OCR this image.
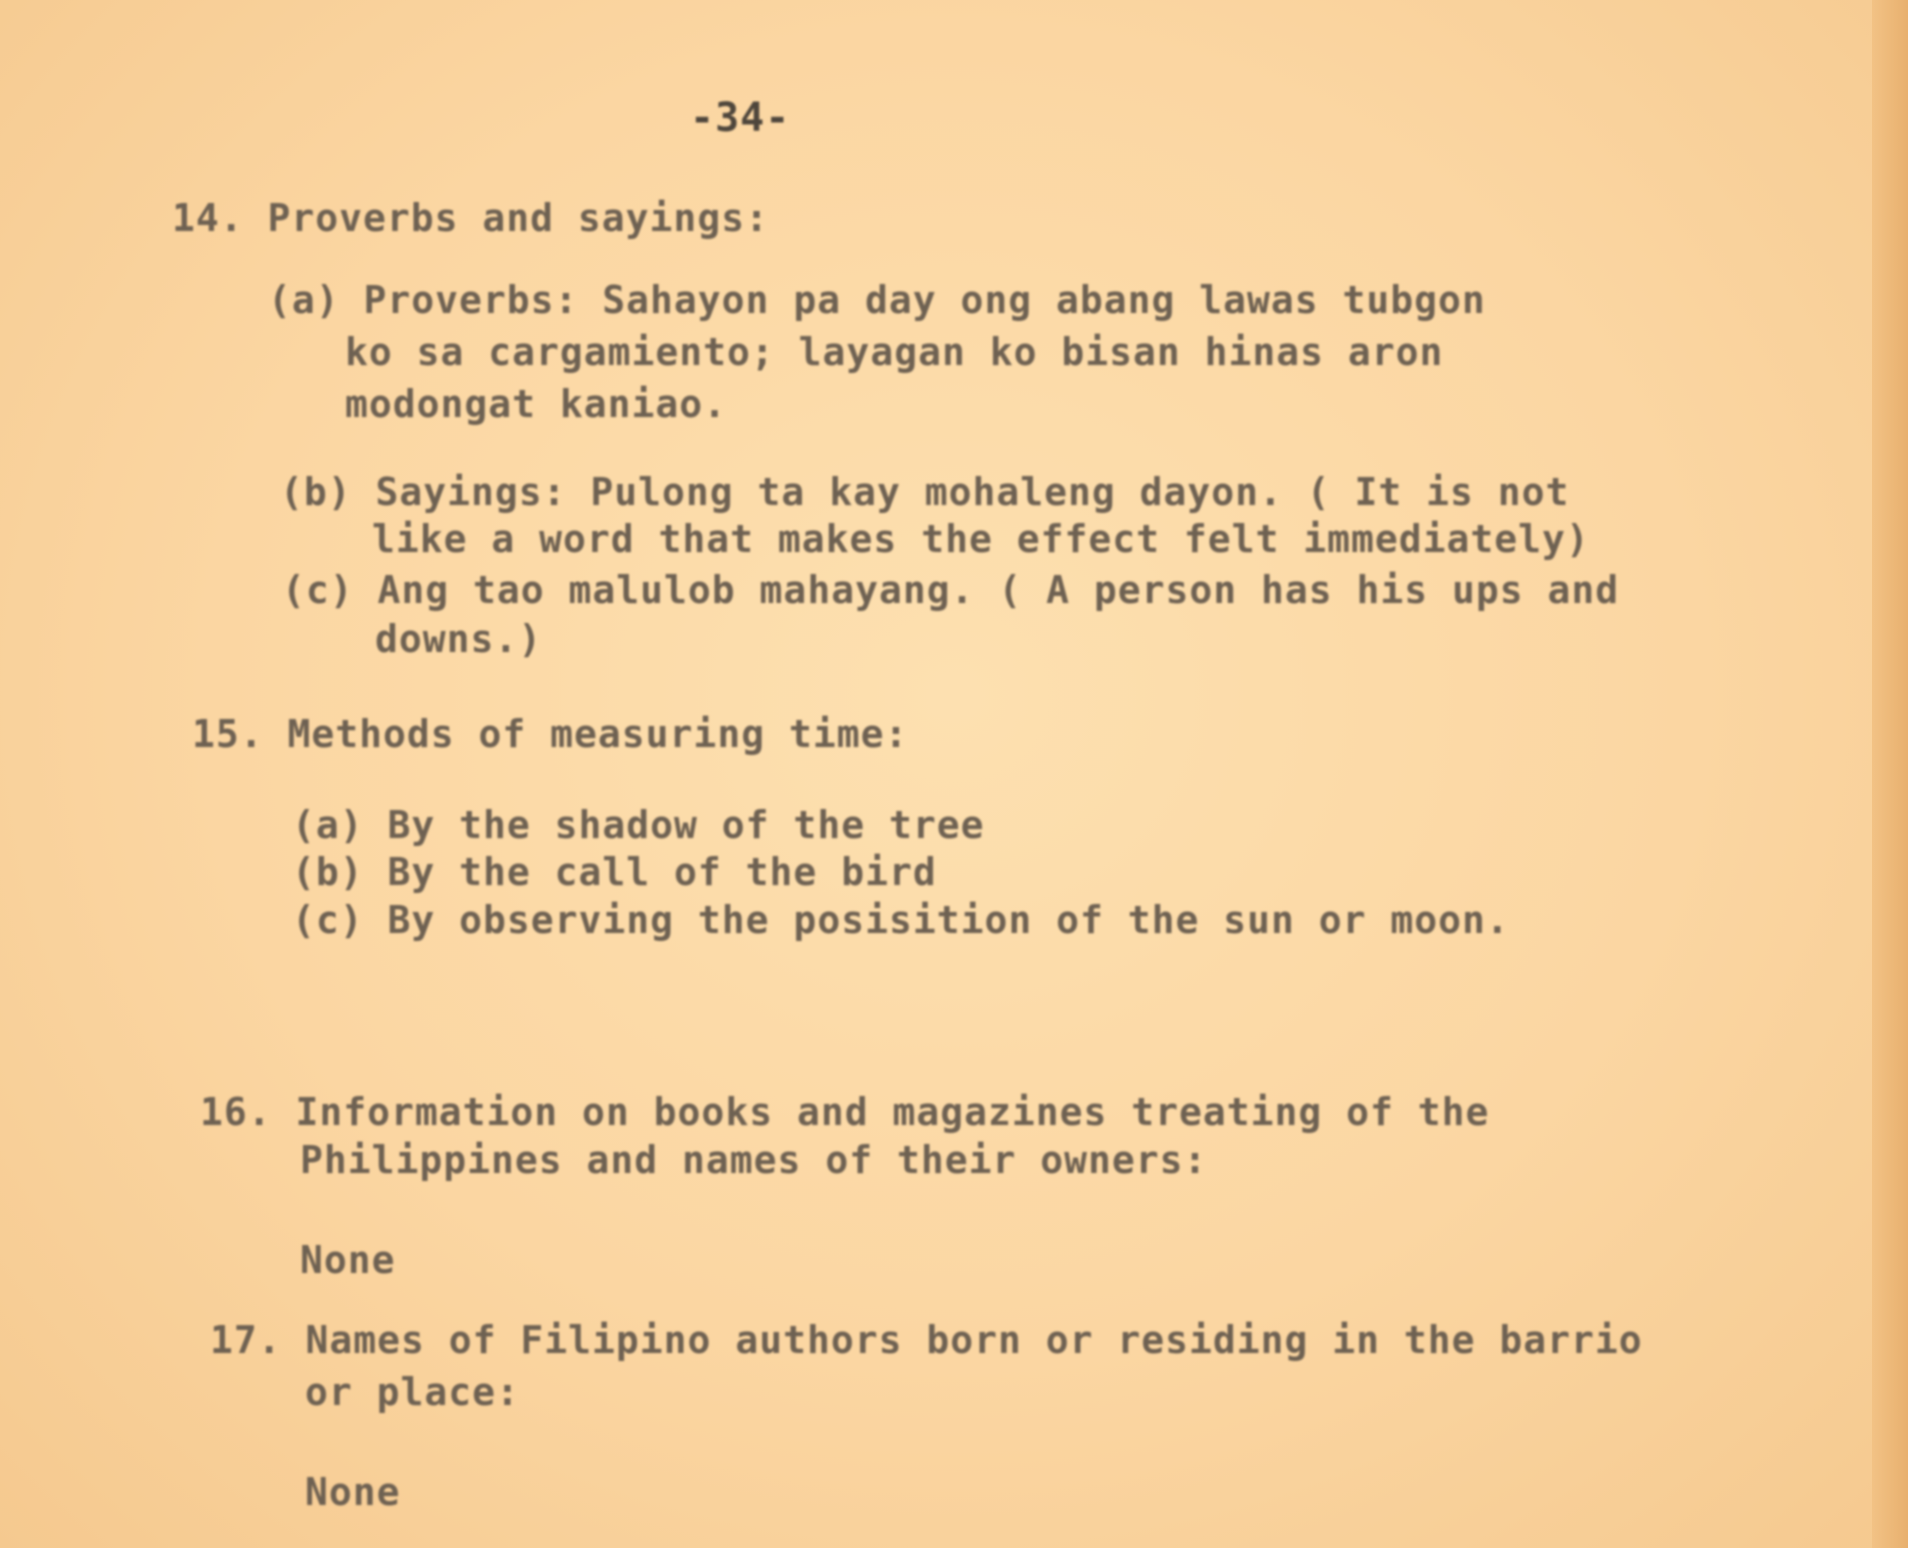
-34-
14. Proverbs and sayings:
(a) Proverbs: Sahayon pa day ong abang lawas tubgon
ko sa cargamiento; layagan ko bisan hinas aron
modongat kaniao.
(b) Sayings: Pulong ta kay mohaleng dayon. ( It is not
like a word that makes the effect felt immediately)
(c) Ang tao malulob mahayang. ( A person has his ups and
downs.)
15. Methods of measuring time:
(a) By the shadow of the tree
(b) By the call of the bird
(c) By observing the posisition of the sun or moon.
16. Information on books and magazines treating of the
Philippines and names of their owners:
None
17. Names of Filipino authors born or residing in the barrio
or place:
None
